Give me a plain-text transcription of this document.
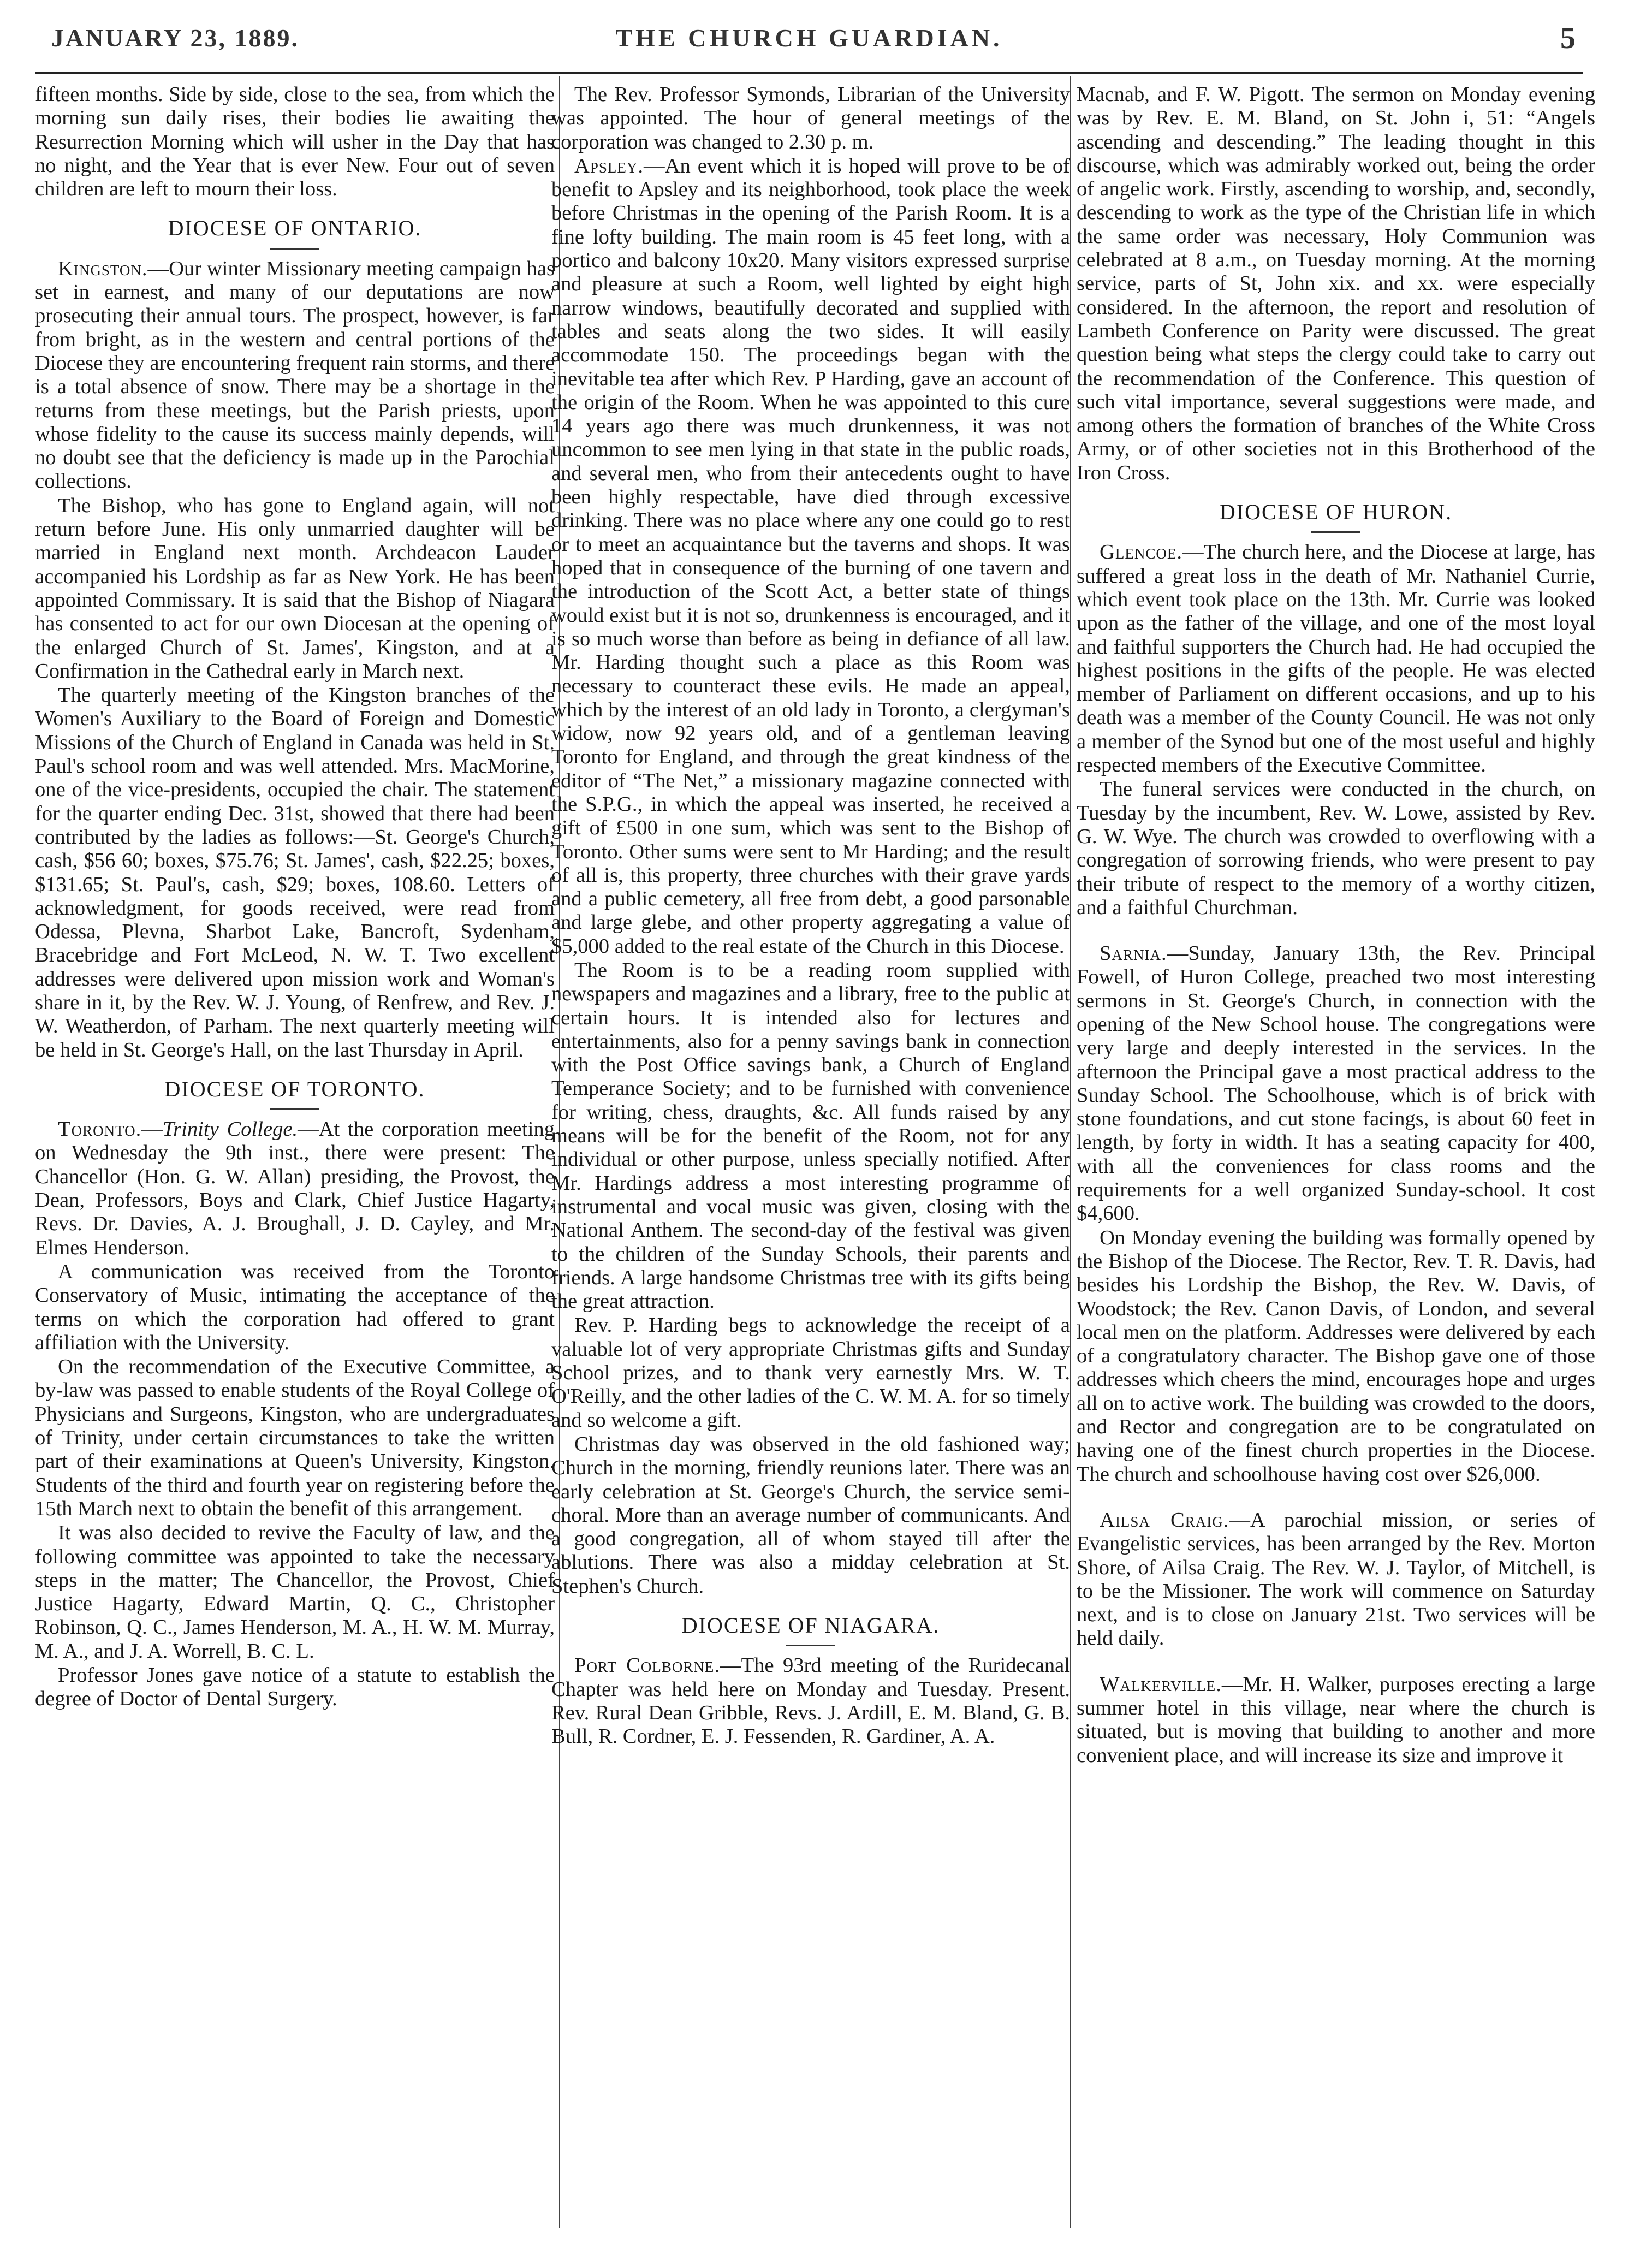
JANUARY 23, 1889.	THE CHURCH GUARDIAN.	5

fifteen months. Side by side, close to the sea, from which the morning sun daily rises, their bodies lie awaiting the Resurrection Morning which will usher in the Day that has no night, and the Year that is ever New. Four out of seven children are left to mourn their loss.

DIOCESE OF ONTARIO.

Kingston.—Our winter Missionary meeting campaign has set in earnest, and many of our deputations are now prosecuting their annual tours. The prospect, however, is far from bright, as in the western and central portions of the Diocese they are encountering frequent rain storms, and there is a total absence of snow. There may be a shortage in the returns from these meetings, but the Parish priests, upon whose fidelity to the cause its success mainly depends, will no doubt see that the deficiency is made up in the Parochial collections.

The Bishop, who has gone to England again, will not return before June. His only unmarried daughter will be married in England next month. Archdeacon Lauder accompanied his Lordship as far as New York. He has been appointed Commissary. It is said that the Bishop of Niagara has consented to act for our own Diocesan at the opening of the enlarged Church of St. James', Kingston, and at a Confirmation in the Cathedral early in March next.

The quarterly meeting of the Kingston branches of the Women's Auxiliary to the Board of Foreign and Domestic Missions of the Church of England in Canada was held in St. Paul's school room and was well attended. Mrs. MacMorine, one of the vice-presidents, occupied the chair. The statement for the quarter ending Dec. 31st, showed that there had been contributed by the ladies as follows:—St. George's Church, cash, $56 60; boxes, $75.76; St. James', cash, $22.25; boxes, $131.65; St. Paul's, cash, $29; boxes, 108.60. Letters of acknowledgment, for goods received, were read from Odessa, Plevna, Sharbot Lake, Bancroft, Sydenham, Bracebridge and Fort McLeod, N. W. T. Two excellent addresses were delivered upon mission work and Woman's share in it, by the Rev. W. J. Young, of Renfrew, and Rev. J. W. Weatherdon, of Parham. The next quarterly meeting will be held in St. George's Hall, on the last Thursday in April.

DIOCESE OF TORONTO.

Toronto.—Trinity College.—At the corporation meeting on Wednesday the 9th inst., there were present: The Chancellor (Hon. G. W. Allan) presiding, the Provost, the Dean, Professors, Boys and Clark, Chief Justice Hagarty, Revs. Dr. Davies, A. J. Broughall, J. D. Cayley, and Mr. Elmes Henderson.

A communication was received from the Toronto Conservatory of Music, intimating the acceptance of the terms on which the corporation had offered to grant affiliation with the University.

On the recommendation of the Executive Committee, a by-law was passed to enable students of the Royal College of Physicians and Surgeons, Kingston, who are undergraduates of Trinity, under certain circumstances to take the written part of their examinations at Queen's University, Kingston. Students of the third and fourth year on registering before the 15th March next to obtain the benefit of this arrangement.

It was also decided to revive the Faculty of law, and the following committee was appointed to take the necessary steps in the matter; The Chancellor, the Provost, Chief Justice Hagarty, Edward Martin, Q. C., Christopher Robinson, Q. C., James Henderson, M. A., H. W. M. Murray, M. A., and J. A. Worrell, B. C. L.

Professor Jones gave notice of a statute to establish the degree of Doctor of Dental Surgery.

The Rev. Professor Symonds, Librarian of the University was appointed. The hour of general meetings of the corporation was changed to 2.30 p. m.

Apsley.—An event which it is hoped will prove to be of benefit to Apsley and its neighborhood, took place the week before Christmas in the opening of the Parish Room. It is a fine lofty building. The main room is 45 feet long, with a portico and balcony 10x20. Many visitors expressed surprise and pleasure at such a Room, well lighted by eight high narrow windows, beautifully decorated and supplied with tables and seats along the two sides. It will easily accommodate 150. The proceedings began with the inevitable tea after which Rev. P Harding, gave an account of the origin of the Room. When he was appointed to this cure 14 years ago there was much drunkenness, it was not uncommon to see men lying in that state in the public roads, and several men, who from their antecedents ought to have been highly respectable, have died through excessive drinking. There was no place where any one could go to rest or to meet an acquaintance but the taverns and shops. It was hoped that in consequence of the burning of one tavern and the introduction of the Scott Act, a better state of things would exist but it is not so, drunkenness is encouraged, and it is so much worse than before as being in defiance of all law. Mr. Harding thought such a place as this Room was necessary to counteract these evils. He made an appeal, which by the interest of an old lady in Toronto, a clergyman's widow, now 92 years old, and of a gentleman leaving Toronto for England, and through the great kindness of the editor of “The Net,” a missionary magazine connected with the S.P.G., in which the appeal was inserted, he received a gift of £500 in one sum, which was sent to the Bishop of Toronto. Other sums were sent to Mr Harding; and the result of all is, this property, three churches with their grave yards and a public cemetery, all free from debt, a good parsonable and large glebe, and other property aggregating a value of $5,000 added to the real estate of the Church in this Diocese.

The Room is to be a reading room supplied with newspapers and magazines and a library, free to the public at certain hours. It is intended also for lectures and entertainments, also for a penny savings bank in connection with the Post Office savings bank, a Church of England Temperance Society; and to be furnished with convenience for writing, chess, draughts, &c. All funds raised by any means will be for the benefit of the Room, not for any individual or other purpose, unless specially notified. After Mr. Hardings address a most interesting programme of instrumental and vocal music was given, closing with the National Anthem. The second-day of the festival was given to the children of the Sunday Schools, their parents and friends. A large handsome Christmas tree with its gifts being the great attraction.

Rev. P. Harding begs to acknowledge the receipt of a valuable lot of very appropriate Christmas gifts and Sunday School prizes, and to thank very earnestly Mrs. W. T. O'Reilly, and the other ladies of the C. W. M. A. for so timely and so welcome a gift.

Christmas day was observed in the old fashioned way; Church in the morning, friendly reunions later. There was an early celebration at St. George's Church, the service semi-choral. More than an average number of communicants. And a good congregation, all of whom stayed till after the ablutions. There was also a midday celebration at St. Stephen's Church.

DIOCESE OF NIAGARA.

Port Colborne.—The 93rd meeting of the Ruridecanal Chapter was held here on Monday and Tuesday. Present. Rev. Rural Dean Gribble, Revs. J. Ardill, E. M. Bland, G. B. Bull, R. Cordner, E. J. Fessenden, R. Gardiner, A. A.

Macnab, and F. W. Pigott. The sermon on Monday evening was by Rev. E. M. Bland, on St. John i, 51: “Angels ascending and descending.” The leading thought in this discourse, which was admirably worked out, being the order of angelic work. Firstly, ascending to worship, and, secondly, descending to work as the type of the Christian life in which the same order was necessary, Holy Communion was celebrated at 8 a.m., on Tuesday morning. At the morning service, parts of St, John xix. and xx. were especially considered. In the afternoon, the report and resolution of Lambeth Conference on Parity were discussed. The great question being what steps the clergy could take to carry out the recommendation of the Conference. This question of such vital importance, several suggestions were made, and among others the formation of branches of the White Cross Army, or of other societies not in this Brotherhood of the Iron Cross.

DIOCESE OF HURON.

Glencoe.—The church here, and the Diocese at large, has suffered a great loss in the death of Mr. Nathaniel Currie, which event took place on the 13th. Mr. Currie was looked upon as the father of the village, and one of the most loyal and faithful supporters the Church had. He had occupied the highest positions in the gifts of the people. He was elected member of Parliament on different occasions, and up to his death was a member of the County Council. He was not only a member of the Synod but one of the most useful and highly respected members of the Executive Committee.

The funeral services were conducted in the church, on Tuesday by the incumbent, Rev. W. Lowe, assisted by Rev. G. W. Wye. The church was crowded to overflowing with a congregation of sorrowing friends, who were present to pay their tribute of respect to the memory of a worthy citizen, and a faithful Churchman.

Sarnia.—Sunday, January 13th, the Rev. Principal Fowell, of Huron College, preached two most interesting sermons in St. George's Church, in connection with the opening of the New School house. The congregations were very large and deeply interested in the services. In the afternoon the Principal gave a most practical address to the Sunday School. The Schoolhouse, which is of brick with stone foundations, and cut stone facings, is about 60 feet in length, by forty in width. It has a seating capacity for 400, with all the conveniences for class rooms and the requirements for a well organized Sunday-school. It cost $4,600.

On Monday evening the building was formally opened by the Bishop of the Diocese. The Rector, Rev. T. R. Davis, had besides his Lordship the Bishop, the Rev. W. Davis, of Woodstock; the Rev. Canon Davis, of London, and several local men on the platform. Addresses were delivered by each of a congratulatory character. The Bishop gave one of those addresses which cheers the mind, encourages hope and urges all on to active work. The building was crowded to the doors, and Rector and congregation are to be congratulated on having one of the finest church properties in the Diocese. The church and schoolhouse having cost over $26,000.

Ailsa Craig.—A parochial mission, or series of Evangelistic services, has been arranged by the Rev. Morton Shore, of Ailsa Craig. The Rev. W. J. Taylor, of Mitchell, is to be the Missioner. The work will commence on Saturday next, and is to close on January 21st. Two services will be held daily.

Walkerville.—Mr. H. Walker, purposes erecting a large summer hotel in this village, near where the church is situated, but is moving that building to another and more convenient place, and will increase its size and improve it
